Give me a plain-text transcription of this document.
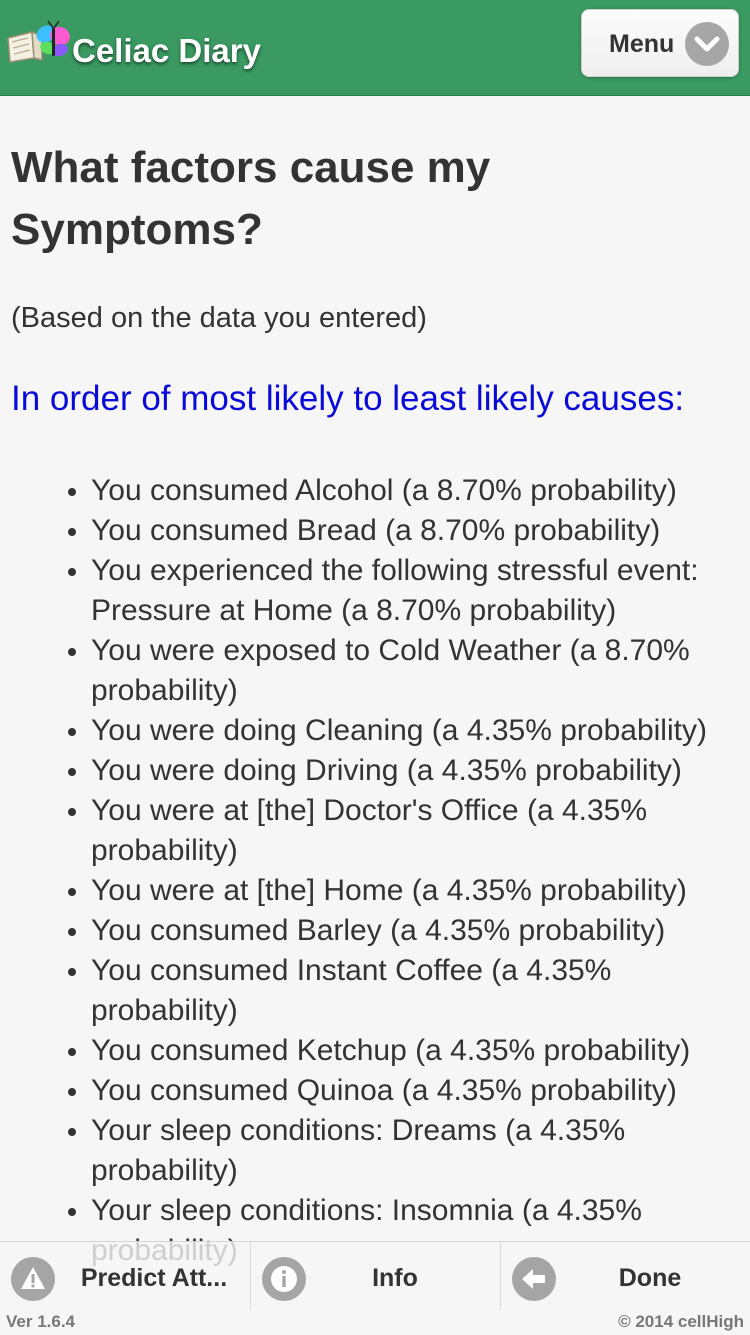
Celiac Diary	Menu
What factors cause my Symptoms?

(Based on the data you entered)

In order of most likely to least likely causes:

• You consumed Alcohol (a 8.70% probability)
• You consumed Bread (a 8.70% probability)
• You experienced the following stressful event: Pressure at Home (a 8.70% probability)
• You were exposed to Cold Weather (a 8.70% probability)
• You were doing Cleaning (a 4.35% probability)
• You were doing Driving (a 4.35% probability)
• You were at [the] Doctor's Office (a 4.35% probability)
• You were at [the] Home (a 4.35% probability)
• You consumed Barley (a 4.35% probability)
• You consumed Instant Coffee (a 4.35% probability)
• You consumed Ketchup (a 4.35% probability)
• You consumed Quinoa (a 4.35% probability)
• Your sleep conditions: Dreams (a 4.35% probability)
• Your sleep conditions: Insomnia (a 4.35%
Predict Att...	Info	Done
Ver 1.6.4	© 2014 cellHigh
